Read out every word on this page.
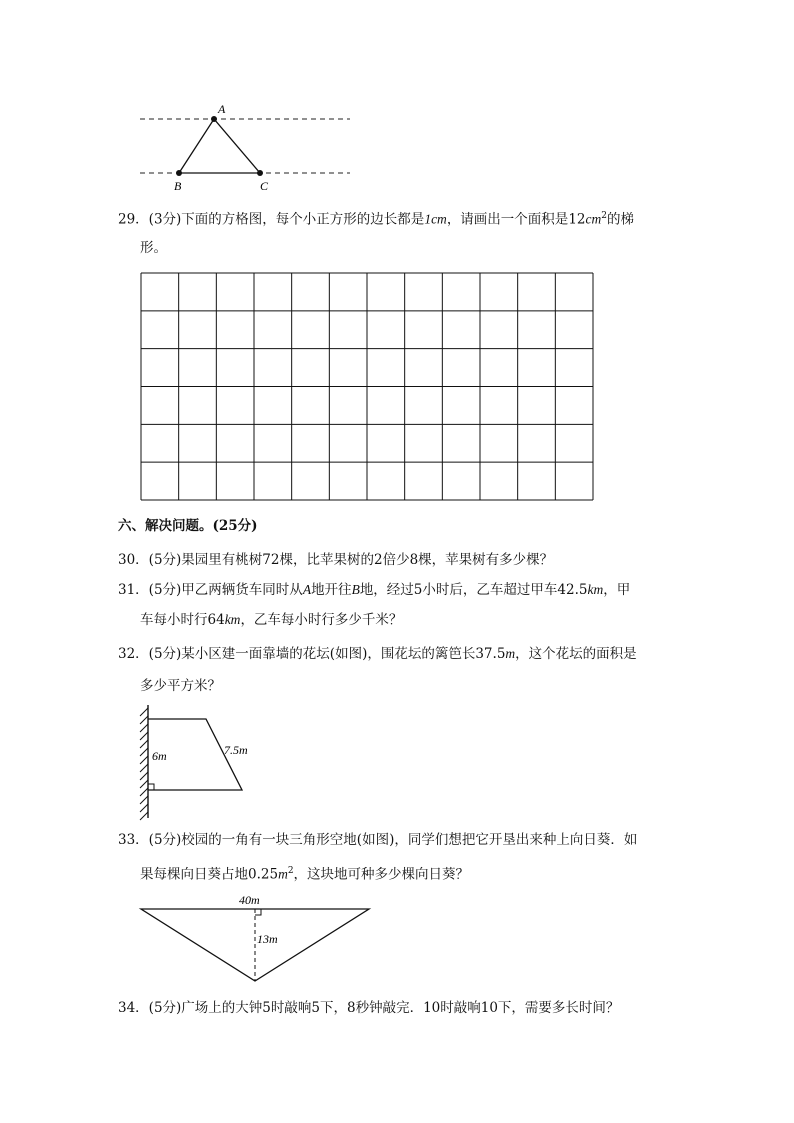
A
B	C
29．(3分)下面的方格图，每个小正方形的边长都是1cm，请画出一个面积是$12cm^2$的梯
形。
六、解决问题。(25分)
30．(5分)果园里有桃树72棵，比苹果树的2倍少8棵，苹果树有多少棵？
31．(5分)甲乙两辆货车同时从A地开往B地，经过5小时后，乙车超过甲车42.5km，甲
车每小时行64km，乙车每小时行多少千米？
32．(5分)某小区建一面靠墙的花坛(如图)，围花坛的篱笆长37.5m，这个花坛的面积是
多少平方米？
6m	7.5m
33．(5分)校园的一角有一块三角形空地(如图)，同学们想把它开垦出来种上向日葵．如
果每棵向日葵占地$0.25m^2$，这块地可种多少棵向日葵？
40m
13m
34．(5分)广场上的大钟5时敲响5下，8秒钟敲完．10时敲响10下，需要多长时间？
